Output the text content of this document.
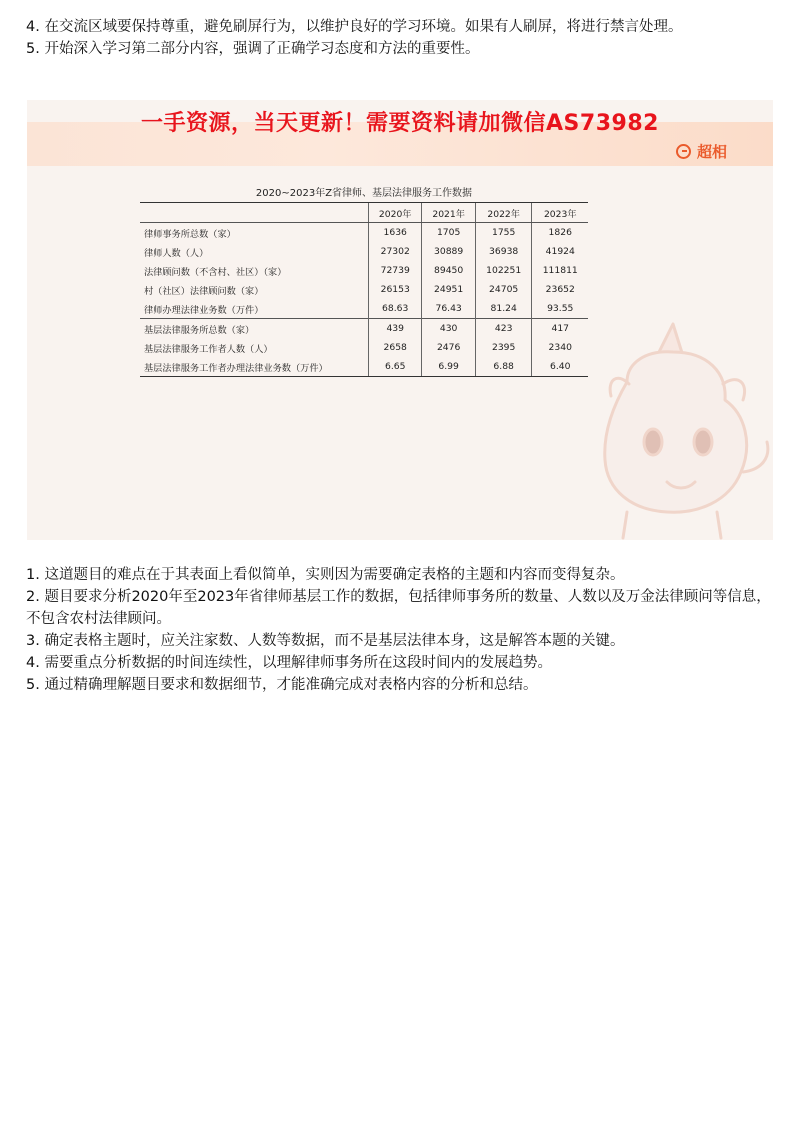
4. 在交流区域要保持尊重，避免刷屏行为，以维护良好的学习环境。如果有人刷屏，将进行禁言处理。
5. 开始深入学习第二部分内容，强调了正确学习态度和方法的重要性。
一手资源，当天更新！需要资料请加微信AS73982
超相
2020~2023年Z省律师、基层法律服务工作数据
	2020年	2021年	2022年	2023年
律师事务所总数（家）	1636	1705	1755	1826
律师人数（人）	27302	30889	36938	41924
法律顾问数（不含村、社区）（家）	72739	89450	102251	111811
村（社区）法律顾问数（家）	26153	24951	24705	23652
律师办理法律业务数（万件）	68.63	76.43	81.24	93.55
基层法律服务所总数（家）	439	430	423	417
基层法律服务工作者人数（人）	2658	2476	2395	2340
基层法律服务工作者办理法律业务数（万件）	6.65	6.99	6.88	6.40
1. 这道题目的难点在于其表面上看似简单，实则因为需要确定表格的主题和内容而变得复杂。
2. 题目要求分析2020年至2023年省律师基层工作的数据，包括律师事务所的数量、人数以及万金法律顾问等信息，不包含农村法律顾问。
3. 确定表格主题时，应关注家数、人数等数据，而不是基层法律本身，这是解答本题的关键。
4. 需要重点分析数据的时间连续性，以理解律师事务所在这段时间内的发展趋势。
5. 通过精确理解题目要求和数据细节，才能准确完成对表格内容的分析和总结。
